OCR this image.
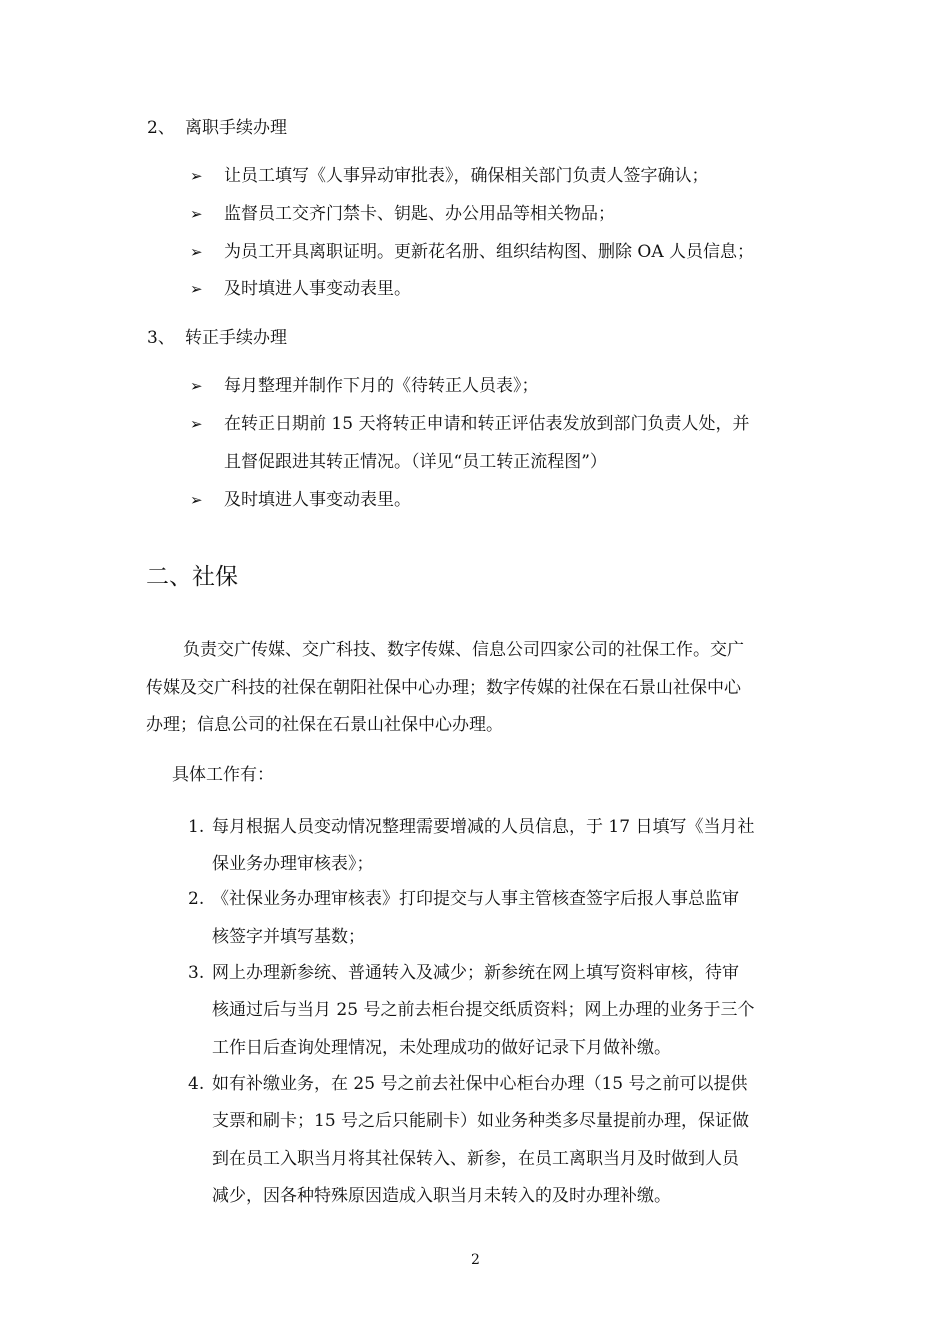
2、 离职手续办理
➢ 让员工填写《人事异动审批表》，确保相关部门负责人签字确认；
➢ 监督员工交齐门禁卡、钥匙、办公用品等相关物品；
➢ 为员工开具离职证明。更新花名册、组织结构图、删除 OA 人员信息；
➢ 及时填进人事变动表里。
3、 转正手续办理
➢ 每月整理并制作下月的《待转正人员表》；
➢ 在转正日期前 15 天将转正申请和转正评估表发放到部门负责人处，并
且督促跟进其转正情况。（详见“员工转正流程图”）
➢ 及时填进人事变动表里。
二、社保
负责交广传媒、交广科技、数字传媒、信息公司四家公司的社保工作。交广
传媒及交广科技的社保在朝阳社保中心办理；数字传媒的社保在石景山社保中心
办理；信息公司的社保在石景山社保中心办理。
具体工作有：
1. 每月根据人员变动情况整理需要增减的人员信息，于 17 日填写《当月社
保业务办理审核表》；
2. 《社保业务办理审核表》打印提交与人事主管核查签字后报人事总监审
核签字并填写基数；
3. 网上办理新参统、普通转入及减少；新参统在网上填写资料审核，待审
核通过后与当月 25 号之前去柜台提交纸质资料；网上办理的业务于三个
工作日后查询处理情况，未处理成功的做好记录下月做补缴。
4. 如有补缴业务，在 25 号之前去社保中心柜台办理（15 号之前可以提供
支票和刷卡；15 号之后只能刷卡）如业务种类多尽量提前办理，保证做
到在员工入职当月将其社保转入、新参，在员工离职当月及时做到人员
减少，因各种特殊原因造成入职当月未转入的及时办理补缴。
2
